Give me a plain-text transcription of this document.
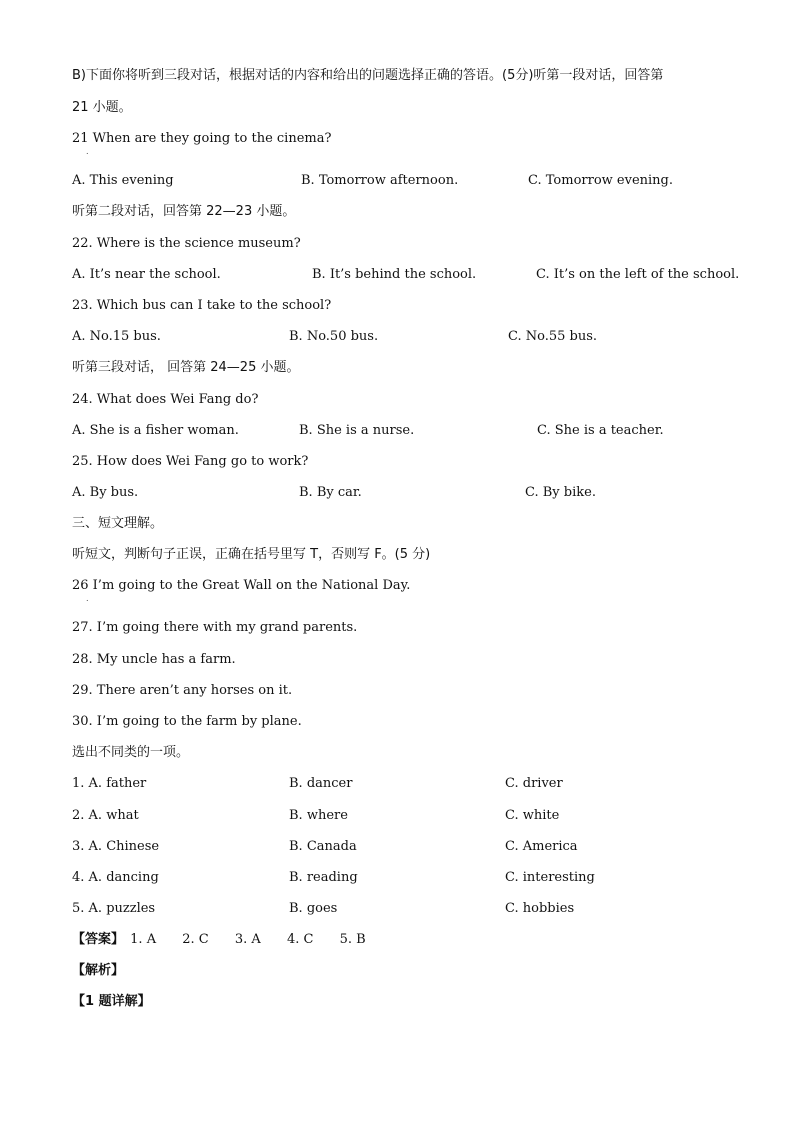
B)下面你将听到三段对话，根据对话的内容和给出的问题选择正确的答语。(5分)听第一段对话，回答第
21 小题。
21 When are they going to the cinema?
.
A. This evening	B. Tomorrow afternoon.	C. Tomorrow evening.
听第二段对话，回答第 22—23 小题。
22. Where is the science museum?
A. It’s near the school.	B. It’s behind the school.	C. It’s on the left of the school.
23. Which bus can I take to the school?
A. No.15 bus.	B. No.50 bus.	C. No.55 bus.
听第三段对话， 回答第 24—25 小题。
24. What does Wei Fang do?
A. She is a fisher woman.	B. She is a nurse.	C. She is a teacher.
25. How does Wei Fang go to work?
A. By bus.	B. By car.	C. By bike.
三、短文理解。
听短文，判断句子正误，正确在括号里写 T，否则写 F。(5 分)
26 I’m going to the Great Wall on the National Day.
.
27. I’m going there with my grand parents.
28. My uncle has a farm.
29. There aren’t any horses on it.
30. I’m going to the farm by plane.
选出不同类的一项。
1. A. father	B. dancer	C. driver
2. A. what	B. where	C. white
3. A. Chinese	B. Canada	C. America
4. A. dancing	B. reading	C. interesting
5. A. puzzles	B. goes	C. hobbies
【答案】 1. A 2. C 3. A 4. C 5. B
【解析】
【1 题详解】
